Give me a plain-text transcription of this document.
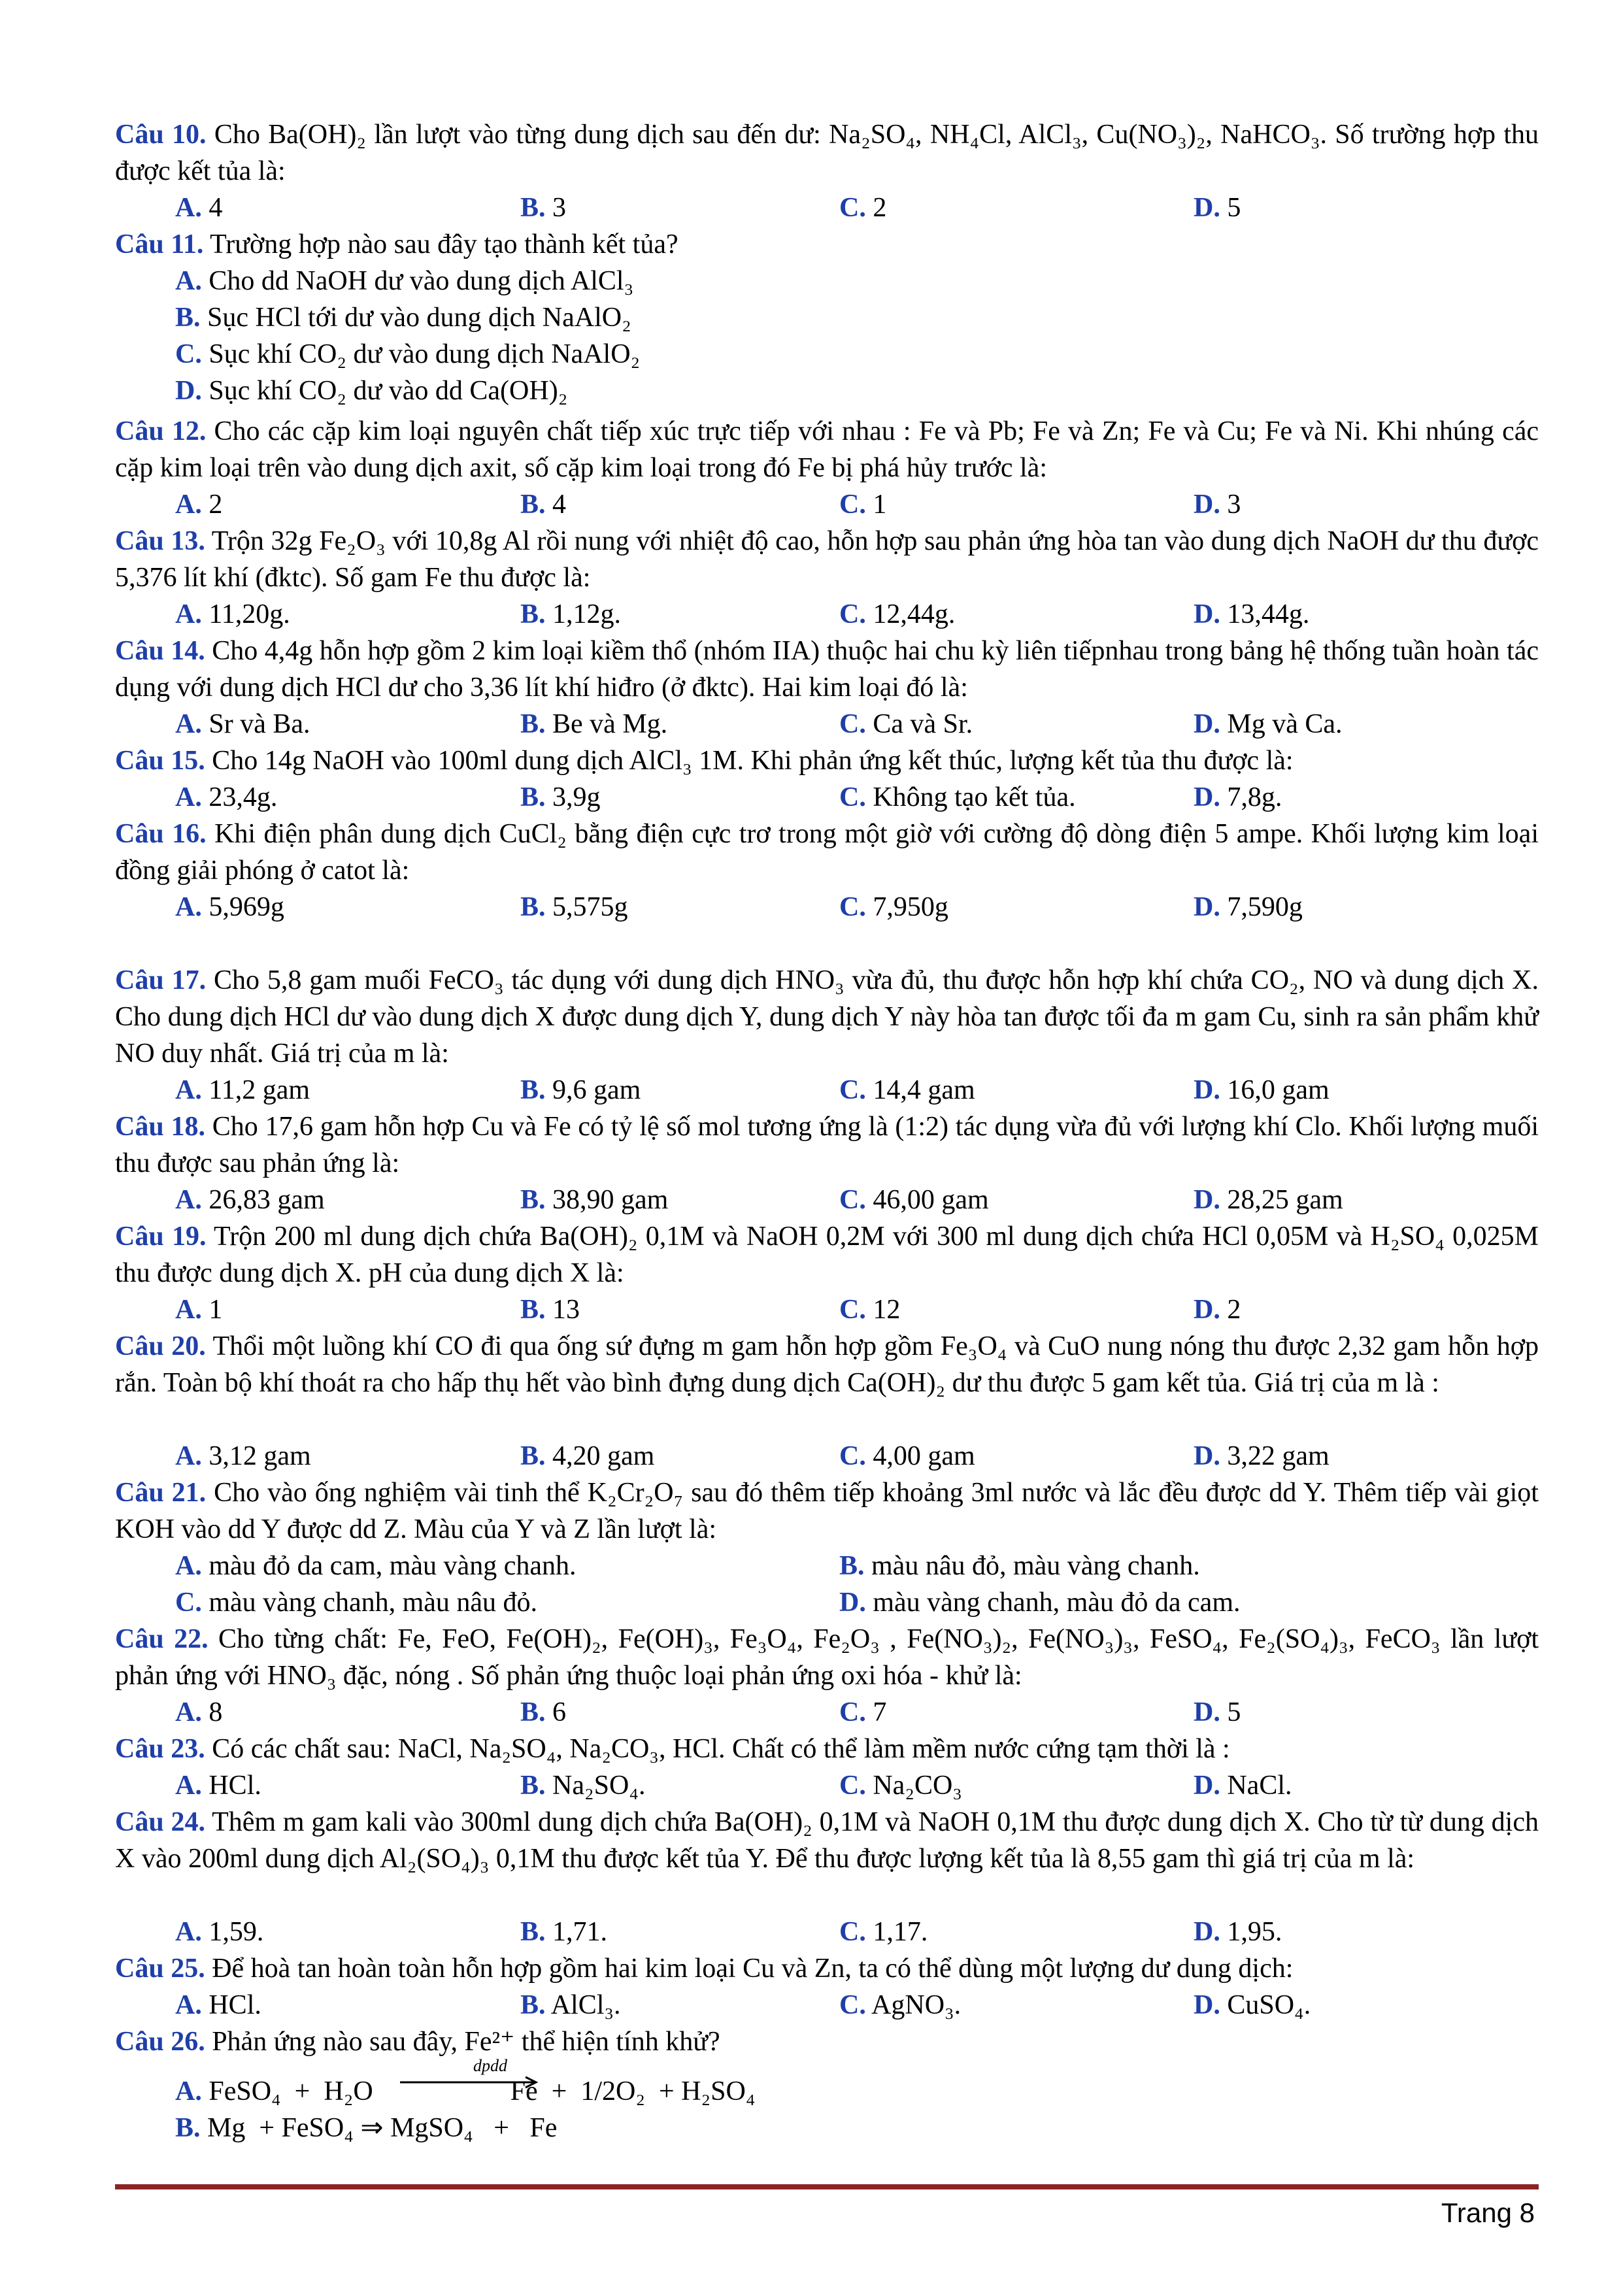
Câu 10. Cho Ba(OH)₂ lần lượt vào từng dung dịch sau đến dư: Na₂SO₄, NH₄Cl, AlCl₃, Cu(NO₃)₂, NaHCO₃. Số trường hợp thu được kết tủa là:
A. 4	B. 3	C. 2	D. 5
Câu 11. Trường hợp nào sau đây tạo thành kết tủa?
A. Cho dd NaOH dư vào dung dịch AlCl₃
B. Sục HCl tới dư vào dung dịch NaAlO₂
C. Sục khí CO₂ dư vào dung dịch NaAlO₂
D. Sục khí CO₂ dư vào dd Ca(OH)₂
Câu 12. Cho các cặp kim loại nguyên chất tiếp xúc trực tiếp với nhau : Fe và Pb; Fe và Zn; Fe và Cu; Fe và Ni. Khi nhúng các cặp kim loại trên vào dung dịch axit, số cặp kim loại trong đó Fe bị phá hủy trước là:
A. 2	B. 4	C. 1	D. 3
Câu 13. Trộn 32g Fe₂O₃ với 10,8g Al rồi nung với nhiệt độ cao, hỗn hợp sau phản ứng hòa tan vào dung dịch NaOH dư thu được 5,376 lít khí (đktc). Số gam Fe thu được là:
A. 11,20g.	B. 1,12g.	C. 12,44g.	D. 13,44g.
Câu 14. Cho 4,4g hỗn hợp gồm 2 kim loại kiềm thổ (nhóm IIA) thuộc hai chu kỳ liên tiếpnhau trong bảng hệ thống tuần hoàn tác dụng với dung dịch HCl dư cho 3,36 lít khí hiđro (ở đktc). Hai kim loại đó là:
A. Sr và Ba.	B. Be và Mg.	C. Ca và Sr.	D. Mg và Ca.
Câu 15. Cho 14g NaOH vào 100ml dung dịch AlCl₃ 1M. Khi phản ứng kết thúc, lượng kết tủa thu được là:
A. 23,4g.	B. 3,9g	C. Không tạo kết tủa.	D. 7,8g.
Câu 16. Khi điện phân dung dịch CuCl₂ bằng điện cực trơ trong một giờ với cường độ dòng điện 5 ampe. Khối lượng kim loại đồng giải phóng ở catot là:
A. 5,969g	B. 5,575g	C. 7,950g	D. 7,590g
Câu 17. Cho 5,8 gam muối FeCO₃ tác dụng với dung dịch HNO₃ vừa đủ, thu được hỗn hợp khí chứa CO₂, NO và dung dịch X. Cho dung dịch HCl dư vào dung dịch X được dung dịch Y, dung dịch Y này hòa tan được tối đa m gam Cu, sinh ra sản phẩm khử NO duy nhất. Giá trị của m là:
A. 11,2 gam	B. 9,6 gam	C. 14,4 gam	D. 16,0 gam
Câu 18. Cho 17,6 gam hỗn hợp Cu và Fe có tỷ lệ số mol tương ứng là (1:2) tác dụng vừa đủ với lượng khí Clo. Khối lượng muối thu được sau phản ứng là:
A. 26,83 gam	B. 38,90 gam	C. 46,00 gam	D. 28,25 gam
Câu 19. Trộn 200 ml dung dịch chứa Ba(OH)₂ 0,1M và NaOH 0,2M với 300 ml dung dịch chứa HCl 0,05M và H₂SO₄ 0,025M thu được dung dịch X. pH của dung dịch X là:
A. 1	B. 13	C. 12	D. 2
Câu 20. Thổi một luồng khí CO đi qua ống sứ đựng m gam hỗn hợp gồm Fe₃O₄ và CuO nung nóng thu được 2,32 gam hỗn hợp rắn. Toàn bộ khí thoát ra cho hấp thụ hết vào bình đựng dung dịch Ca(OH)₂ dư thu được 5 gam kết tủa. Giá trị của m là :
A. 3,12 gam	B. 4,20 gam	C. 4,00 gam	D. 3,22 gam
Câu 21. Cho vào ống nghiệm vài tinh thể K₂Cr₂O₇ sau đó thêm tiếp khoảng 3ml nước và lắc đều được dd Y. Thêm tiếp vài giọt KOH vào dd Y được dd Z. Màu của Y và Z lần lượt là:
A. màu đỏ da cam, màu vàng chanh.	B. màu nâu đỏ, màu vàng chanh.
C. màu vàng chanh, màu nâu đỏ.	D. màu vàng chanh, màu đỏ da cam.
Câu 22. Cho từng chất: Fe, FeO, Fe(OH)₂, Fe(OH)₃, Fe₃O₄, Fe₂O₃ , Fe(NO₃)₂, Fe(NO₃)₃, FeSO₄, Fe₂(SO₄)₃, FeCO₃ lần lượt phản ứng với HNO₃ đặc, nóng . Số phản ứng thuộc loại phản ứng oxi hóa - khử là:
A. 8	B. 6	C. 7	D. 5
Câu 23. Có các chất sau: NaCl, Na₂SO₄, Na₂CO₃, HCl. Chất có thể làm mềm nước cứng tạm thời là :
A. HCl.	B. Na₂SO₄.	C. Na₂CO₃	D. NaCl.
Câu 24. Thêm m gam kali vào 300ml dung dịch chứa Ba(OH)₂ 0,1M và NaOH 0,1M thu được dung dịch X. Cho từ từ dung dịch X vào 200ml dung dịch Al₂(SO₄)₃ 0,1M thu được kết tủa Y. Để thu được lượng kết tủa là 8,55 gam thì giá trị của m là:
A. 1,59.	B. 1,71.	C. 1,17.	D. 1,95.
Câu 25. Để hoà tan hoàn toàn hỗn hợp gồm hai kim loại Cu và Zn, ta có thể dùng một lượng dư dung dịch:
A. HCl.	B. AlCl₃.	C. AgNO₃.	D. CuSO₄.
Câu 26. Phản ứng nào sau đây, Fe²⁺ thể hiện tính khử?
A. FeSO₄  +  H₂O                    Fe  +  1/2O₂  + H₂SO₄
dpdd
B. Mg  + FeSO₄ ⇒ MgSO₄   +   Fe
Trang 8
